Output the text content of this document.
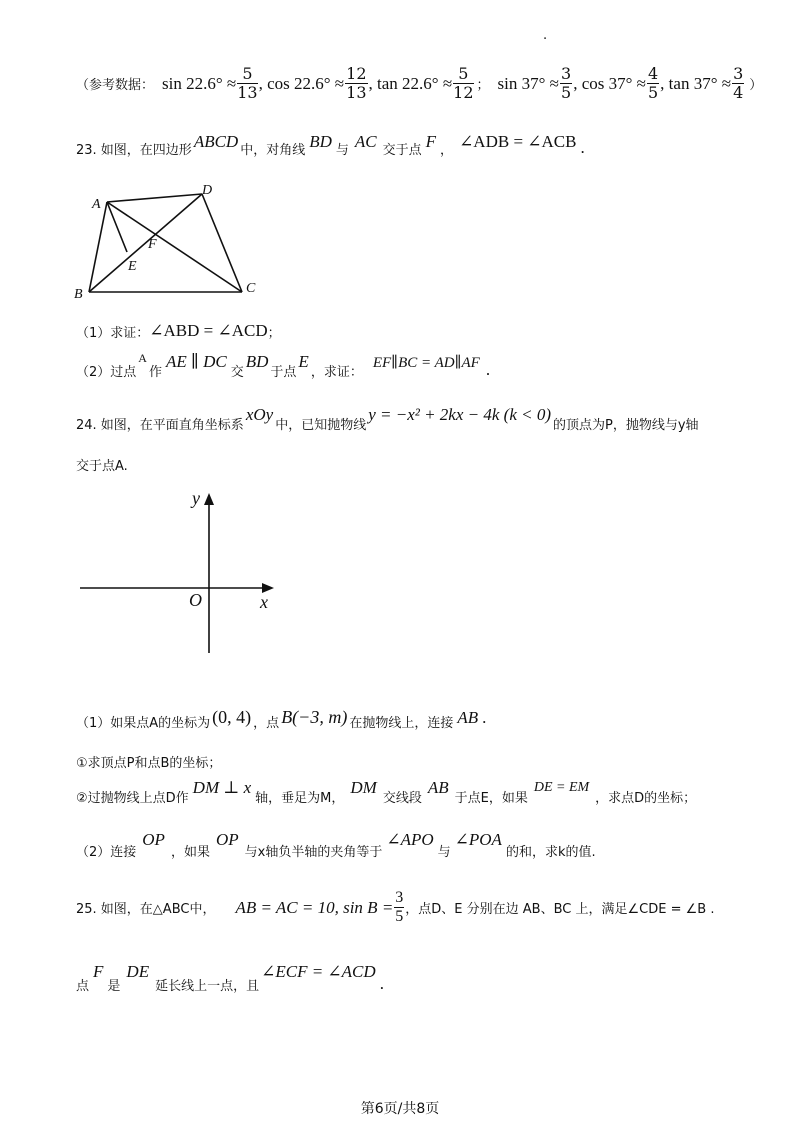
.
（参考数据： $\sin 22.6^\circ \approx \frac{5}{13}$ , $\cos 22.6^\circ \approx \frac{12}{13}$ , $\tan 22.6^\circ \approx \frac{5}{12}$ ； $\sin 37^\circ \approx \frac{3}{5}$ , $\cos 37^\circ \approx \frac{4}{5}$ , $\tan 37^\circ \approx \frac{3}{4}$ ）
23. 如图，在四边形 ABCD 中，对角线 BD 与 AC 交于点 F ， ∠ADB = ∠ACB .
A
B	C
D
E
F
（1）求证： ∠ABD = ∠ACD ；
（2）过点
A
作
AE ∥ DC
交
BD
于点
E
，求证：
EF∥BC = AD∥AF .
24. 如图，在平面直角坐标系
xOy
中，已知抛物线
y = −x² + 2kx − 4k (k < 0)
的顶点为P，抛物线与y轴
交于点A.
y
x
O
（1）如果点A的坐标为 (0, 4) ，点 B(−3, m) 在抛物线上，连接 AB .
①求顶点P和点B的坐标；
②过抛物线上点D作
DM ⊥ x
轴，垂足为M，
DM
交线段
AB
于点E，如果
DE = EM
，求点D的坐标；
（2）连接
OP
，如果
OP
与x轴负半轴的夹角等于
∠APO
与
∠POA
的和，求k的值.
25. 如图，在△ABC中， AB = AC = 10, $\sin B = \frac{3}{5}$ ，点D、E 分别在边 AB、BC 上，满足∠CDE = ∠B .
点
F
是
DE
延长线上一点，且
∠ECF = ∠ACD
.
第6页/共8页
